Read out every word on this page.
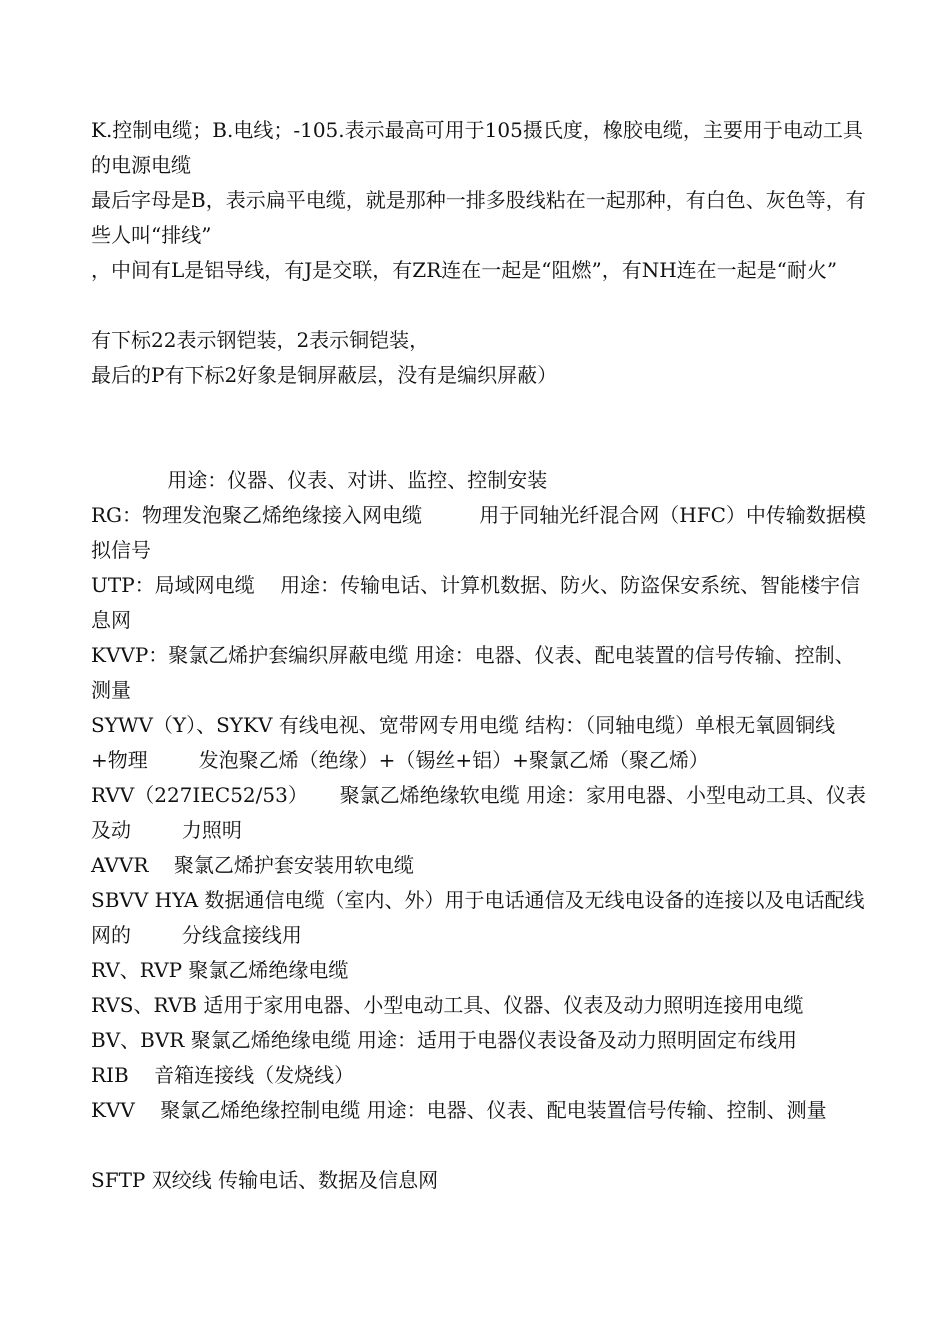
K.控制电缆；B.电线；-105.表示最高可用于105摄氏度，橡胶电缆，主要用于电动工具的电源电缆

最后字母是B，表示扁平电缆，就是那种一排多股线粘在一起那种，有白色、灰色等，有些人叫“排线”

，中间有L是铝导线，有J是交联，有ZR连在一起是“阻燃”，有NH连在一起是“耐火”

有下标22表示钢铠装，2表示铜铠装，

最后的P有下标2好象是铜屏蔽层，没有是编织屏蔽）

用途：仪器、仪表、对讲、监控、控制安装

RG：物理发泡聚乙烯绝缘接入网电缆         用于同轴光纤混合网（HFC）中传输数据模拟信号

UTP：局域网电缆    用途：传输电话、计算机数据、防火、防盗保安系统、智能楼宇信息网

KVVP：聚氯乙烯护套编织屏蔽电缆 用途：电器、仪表、配电装置的信号传输、控制、测量

SYWV（Y）、SYKV 有线电视、宽带网专用电缆 结构：（同轴电缆）单根无氧圆铜线+物理        发泡聚乙烯（绝缘）+（锡丝+铝）+聚氯乙烯（聚乙烯）

RVV（227IEC52/53）     聚氯乙烯绝缘软电缆 用途：家用电器、小型电动工具、仪表及动        力照明

AVVR    聚氯乙烯护套安装用软电缆

SBVV HYA 数据通信电缆（室内、外）用于电话通信及无线电设备的连接以及电话配线网的        分线盒接线用

RV、RVP 聚氯乙烯绝缘电缆

RVS、RVB 适用于家用电器、小型电动工具、仪器、仪表及动力照明连接用电缆

BV、BVR 聚氯乙烯绝缘电缆 用途：适用于电器仪表设备及动力照明固定布线用

RIB    音箱连接线（发烧线）

KVV    聚氯乙烯绝缘控制电缆 用途：电器、仪表、配电装置信号传输、控制、测量

SFTP 双绞线 传输电话、数据及信息网
